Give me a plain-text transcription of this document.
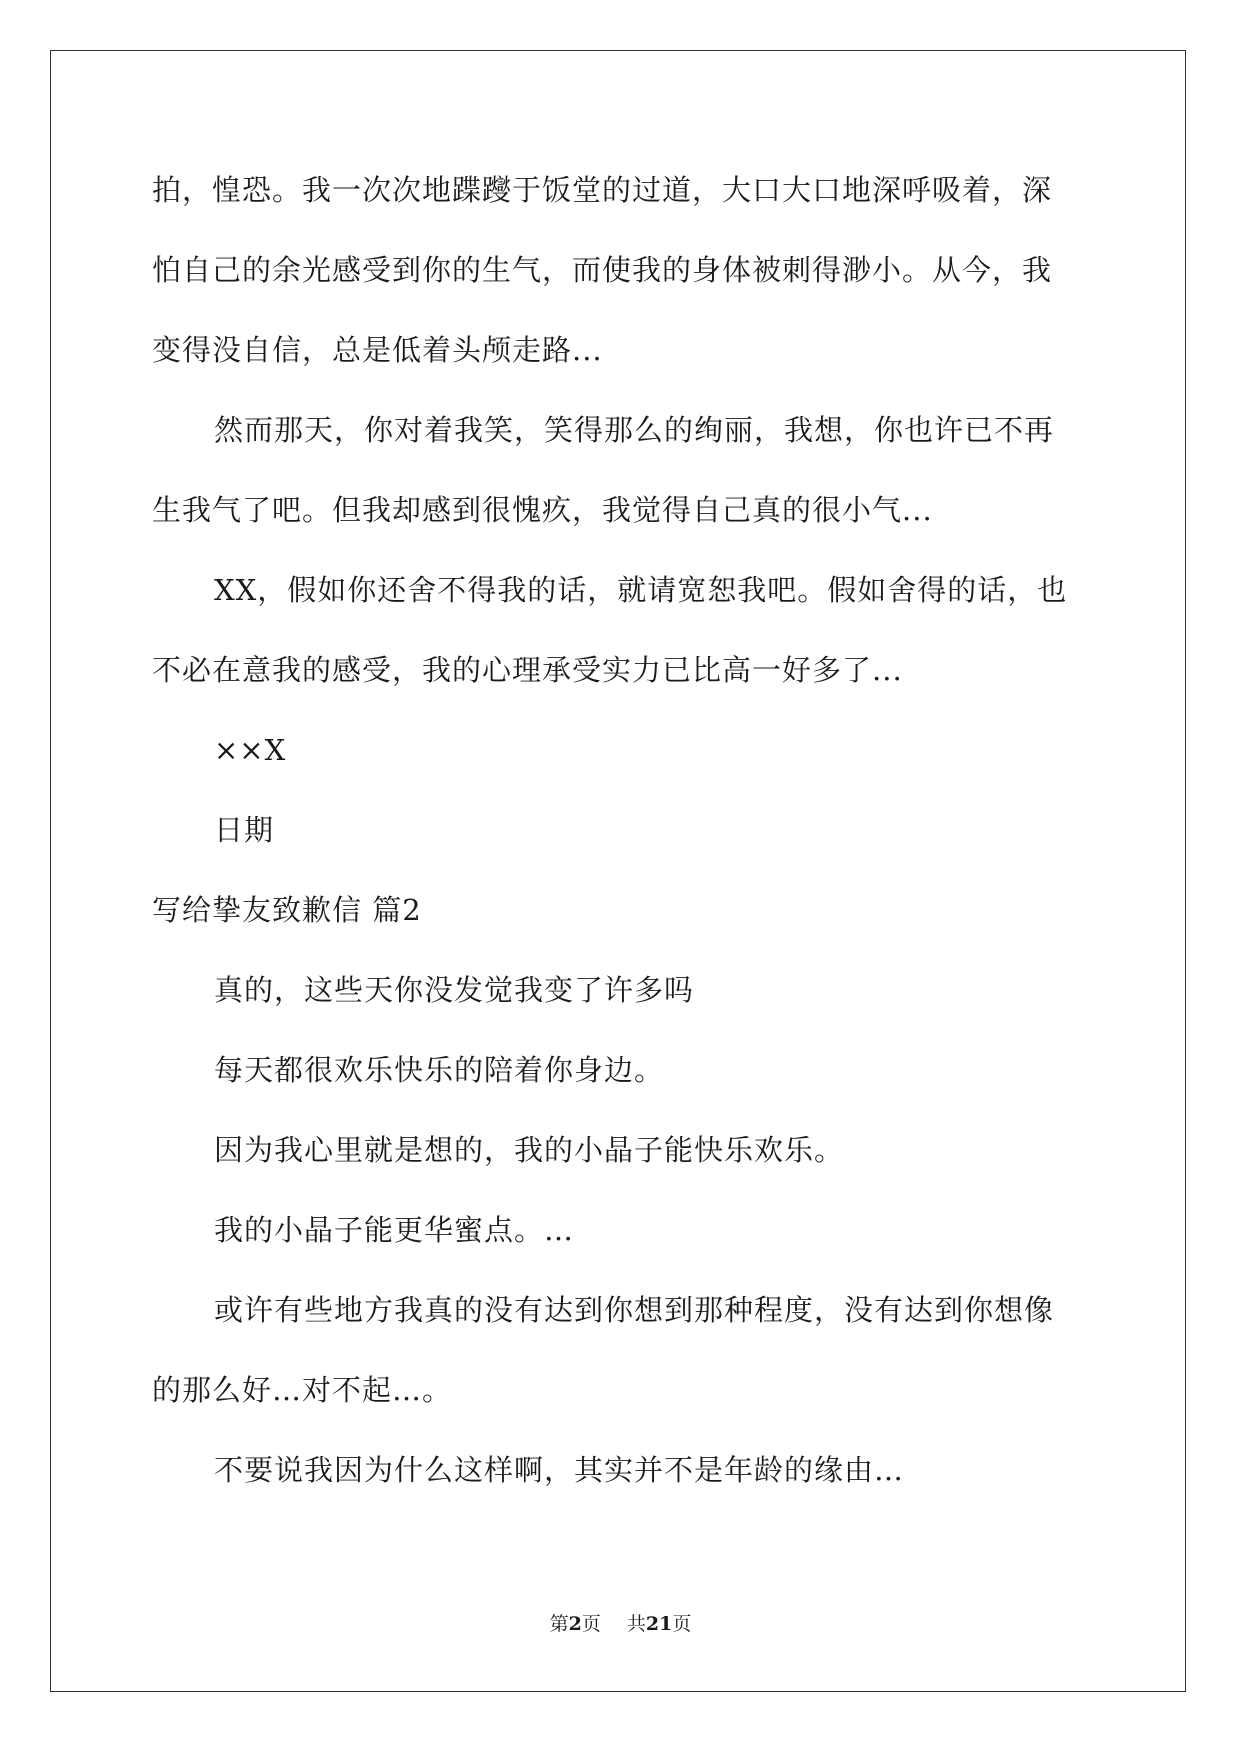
拍，惶恐。我一次次地蹀躞于饭堂的过道，大口大口地深呼吸着，深
怕自己的余光感受到你的生气，而使我的身体被刺得渺小。从今，我
变得没自信，总是低着头颅走路...
然而那天，你对着我笑，笑得那么的绚丽，我想，你也许已不再
生我气了吧。但我却感到很愧疚，我觉得自己真的很小气...
XX，假如你还舍不得我的话，就请宽恕我吧。假如舍得的话，也
不必在意我的感受，我的心理承受实力已比高一好多了...
××X
日期
写给挚友致歉信 篇2
真的，这些天你没发觉我变了许多吗
每天都很欢乐快乐的陪着你身边。
因为我心里就是想的，我的小晶子能快乐欢乐。
我的小晶子能更华蜜点。…
或许有些地方我真的没有达到你想到那种程度，没有达到你想像
的那么好…对不起…。
不要说我因为什么这样啊，其实并不是年龄的缘由…
第2页 共21页
